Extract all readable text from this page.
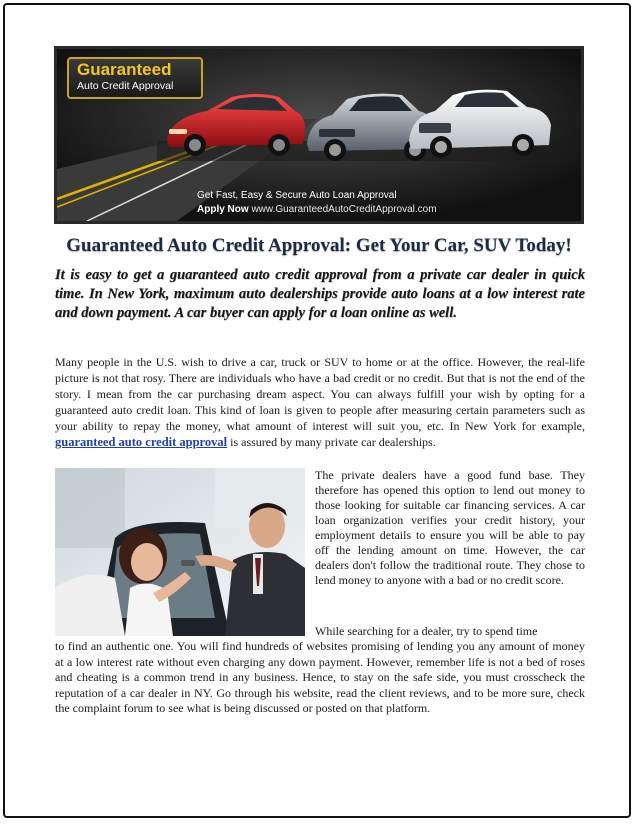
Guaranteed
Auto Credit Approval
Get Fast, Easy & Secure Auto Loan Approval
Apply Now www.GuaranteedAutoCreditApproval.com
Guaranteed Auto Credit Approval: Get Your Car, SUV Today!
It is easy to get a guaranteed auto credit approval from a private car dealer in quick time. In New York, maximum auto dealerships provide auto loans at a low interest rate and down payment. A car buyer can apply for a loan online as well.
Many people in the U.S. wish to drive a car, truck or SUV to home or at the office. However, the real-life picture is not that rosy. There are individuals who have a bad credit or no credit. But that is not the end of the story. I mean from the car purchasing dream aspect. You can always fulfill your wish by opting for a guaranteed auto credit loan. This kind of loan is given to people after measuring certain parameters such as your ability to repay the money, what amount of interest will suit you, etc. In New York for example, guaranteed auto credit approval is assured by many private car dealerships.
The private dealers have a good fund base. They therefore has opened this option to lend out money to those looking for suitable car financing services. A car loan organization verifies your credit history, your employment details to ensure you will be able to pay off the lending amount on time. However, the car dealers don't follow the traditional route. They chose to lend money to anyone with a bad or no credit score.
While searching for a dealer, try to spend time
to find an authentic one. You will find hundreds of websites promising of lending you any amount of money at a low interest rate without even charging any down payment. However, remember life is not a bed of roses and cheating is a common trend in any business. Hence, to stay on the safe side, you must crosscheck the reputation of a car dealer in NY. Go through his website, read the client reviews, and to be more sure, check the complaint forum to see what is being discussed or posted on that platform.
